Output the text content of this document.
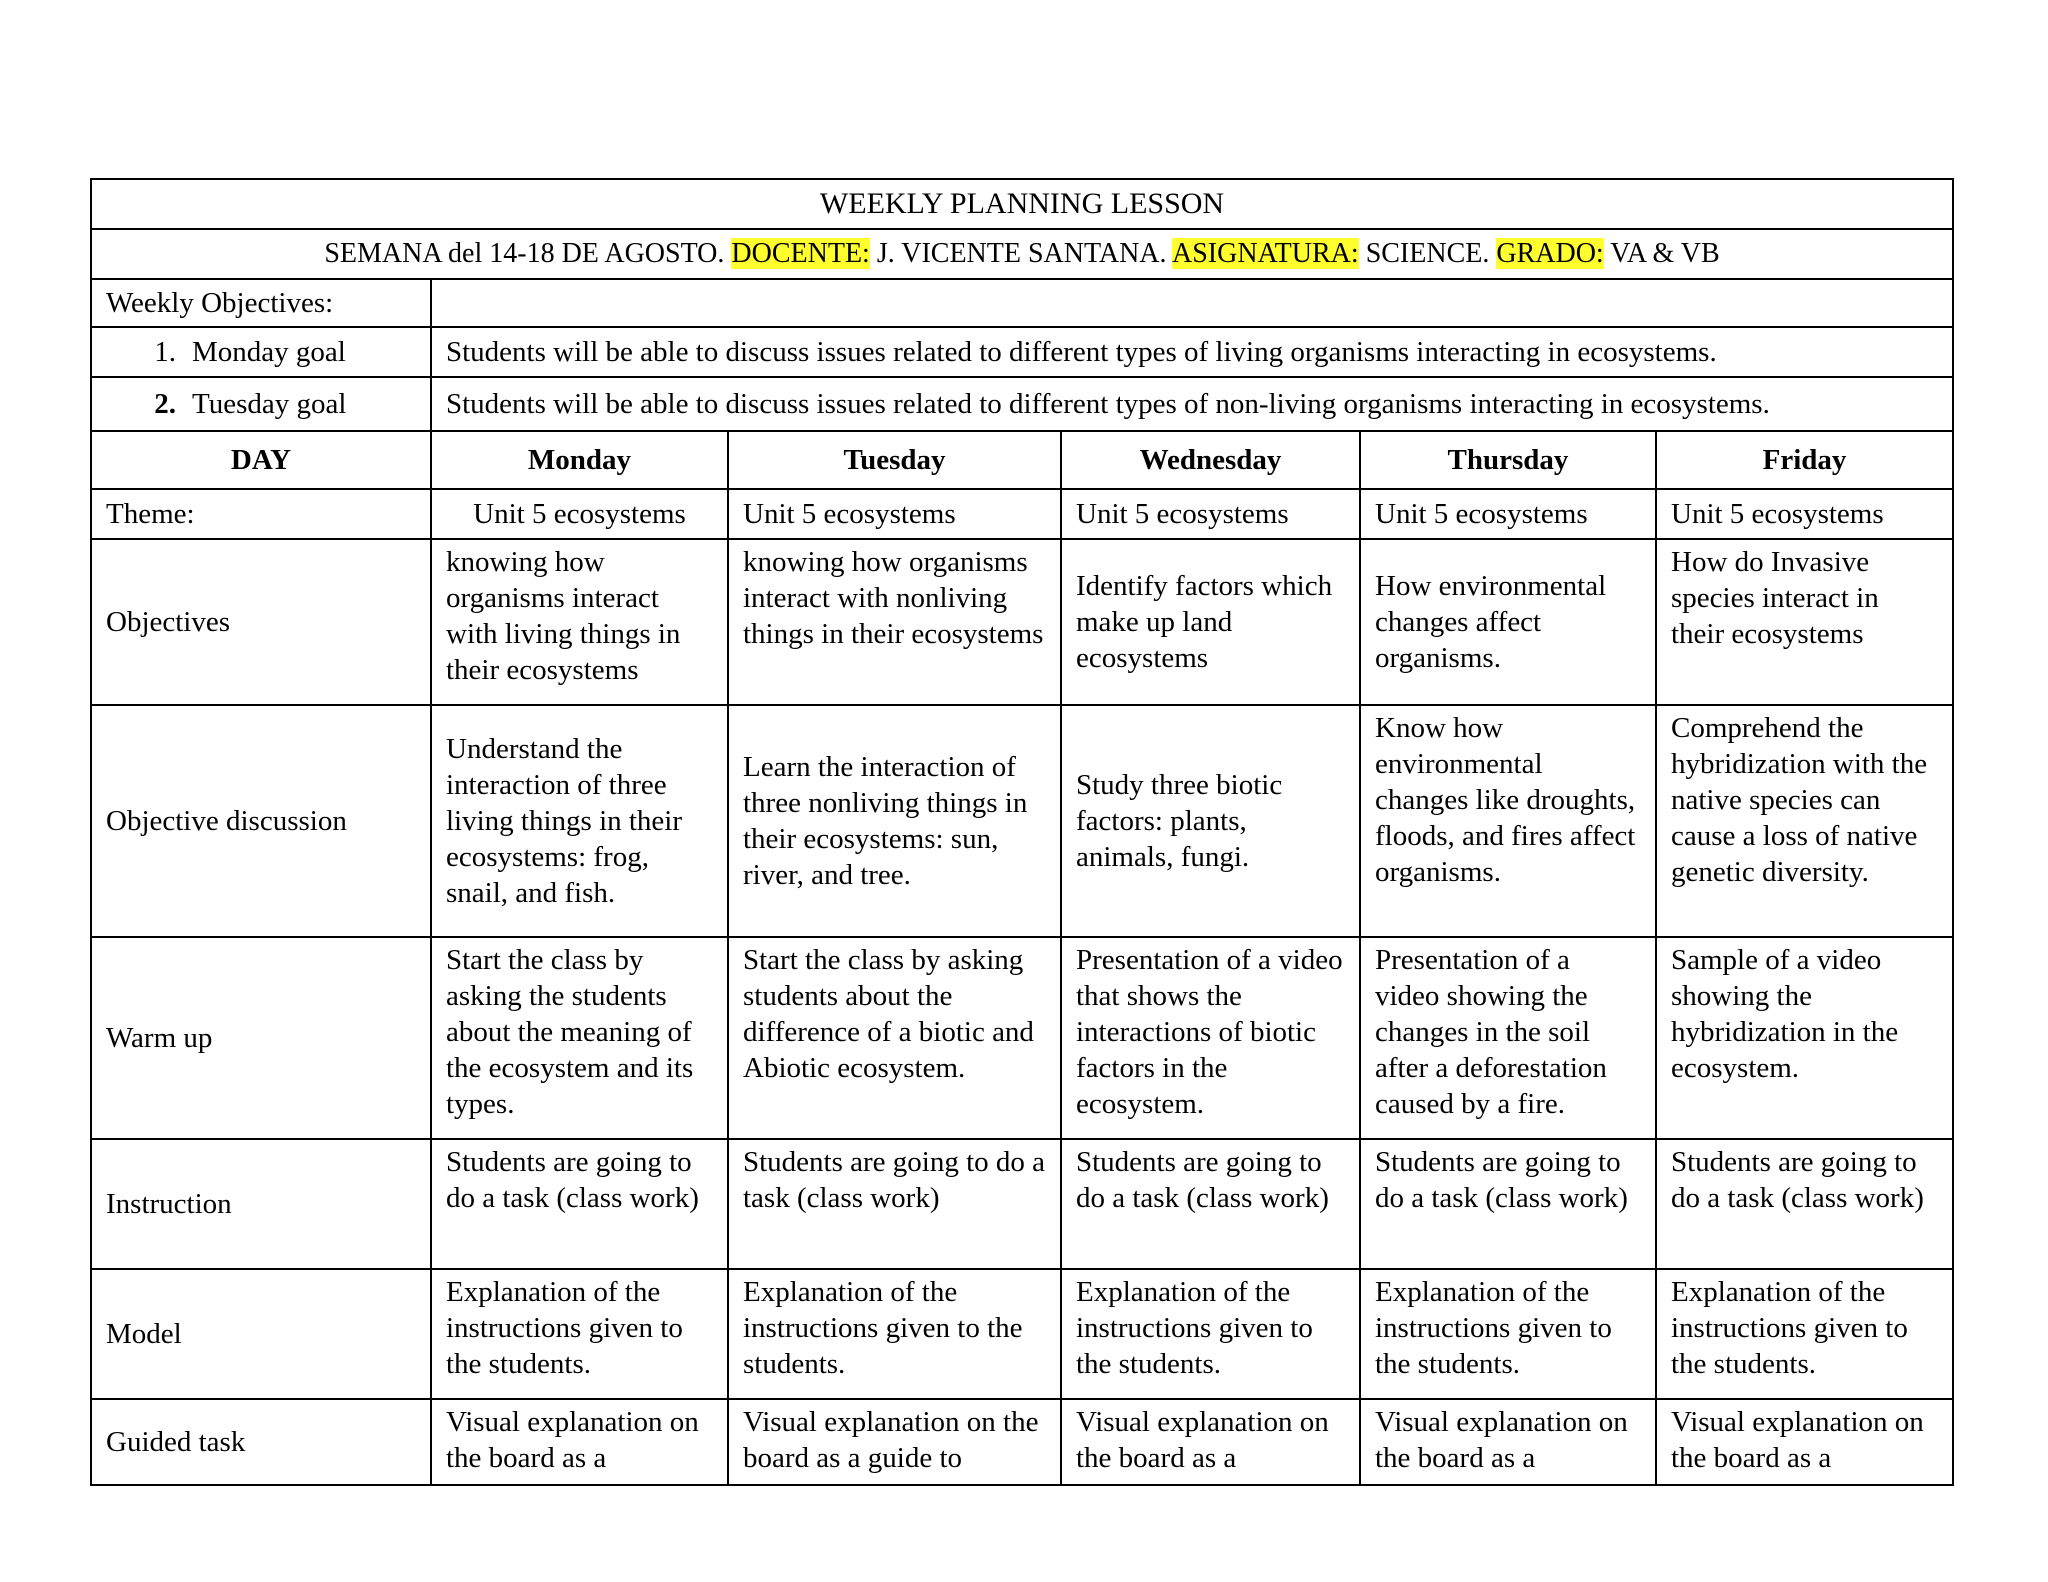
WEEKLY PLANNING LESSON					
SEMANA del 14-18 DE AGOSTO. DOCENTE: J. VICENTE SANTANA. ASIGNATURA: SCIENCE. GRADO: VA & VB					
Weekly Objectives:					
1. Monday goal	Students will be able to discuss issues related to different types of living organisms interacting in ecosystems.				
2. Tuesday goal	Students will be able to discuss issues related to different types of non-living organisms interacting in ecosystems.				
DAY	Monday	Tuesday	Wednesday	Thursday	Friday
Theme:	Unit 5 ecosystems	Unit 5 ecosystems	Unit 5 ecosystems	Unit 5 ecosystems	Unit 5 ecosystems
Objectives	knowing how organisms interact with living things in their ecosystems	knowing how organisms interact with nonliving things in their ecosystems	Identify factors which make up land ecosystems	How environmental changes affect organisms.	How do Invasive species interact in their ecosystems
Objective discussion	Understand the interaction of three living things in their ecosystems: frog, snail, and fish.	Learn the interaction of three nonliving things in their ecosystems: sun, river, and tree.	Study three biotic factors: plants, animals, fungi.	Know how environmental changes like droughts, floods, and fires affect organisms.	Comprehend the hybridization with the native species can cause a loss of native genetic diversity.
Warm up	Start the class by asking the students about the meaning of the ecosystem and its types.	Start the class by asking students about the difference of a biotic and Abiotic ecosystem.	Presentation of a video that shows the interactions of biotic factors in the ecosystem.	Presentation of a video showing the changes in the soil after a deforestation caused by a fire.	Sample of a video showing the hybridization in the ecosystem.
Instruction	Students are going to do a task (class work)	Students are going to do a task (class work)	Students are going to do a task (class work)	Students are going to do a task (class work)	Students are going to do a task (class work)
Model	Explanation of the instructions given to the students.	Explanation of the instructions given to the students.	Explanation of the instructions given to the students.	Explanation of the instructions given to the students.	Explanation of the instructions given to the students.
Guided task	Visual explanation on the board as a	Visual explanation on the board as a guide to	Visual explanation on the board as a	Visual explanation on the board as a	Visual explanation on the board as a
